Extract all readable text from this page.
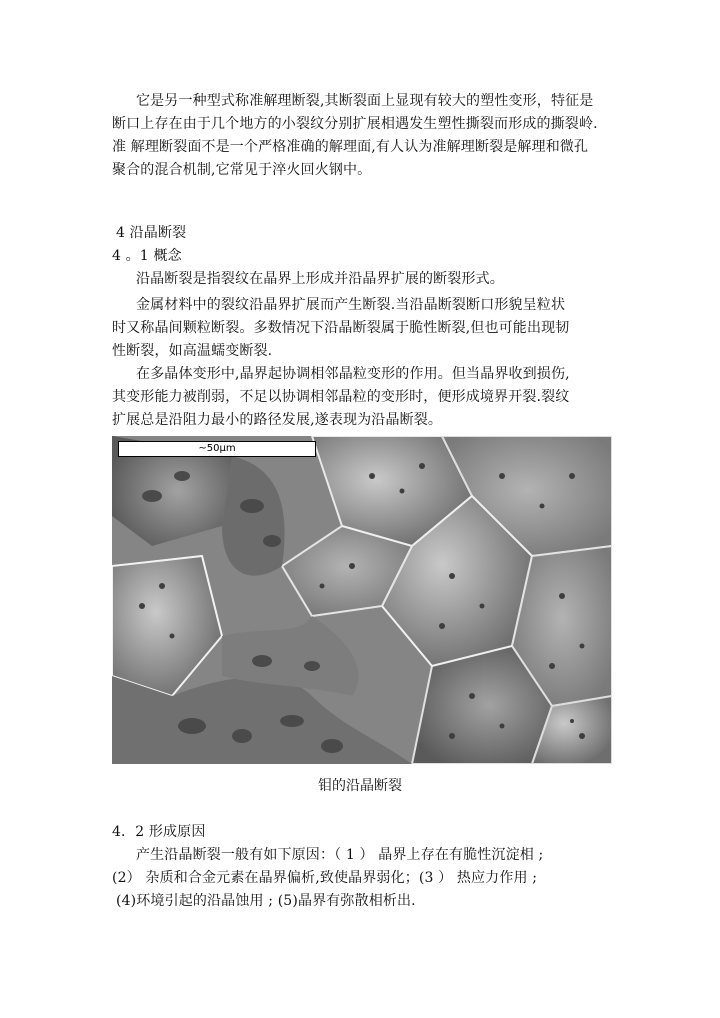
它是另一种型式称准解理断裂,其断裂面上显现有较大的塑性变形，特征是
断口上存在由于几个地方的小裂纹分别扩展相遇发生塑性撕裂而形成的撕裂岭.
准 解理断裂面不是一个严格准确的解理面,有人认为准解理断裂是解理和微孔
聚合的混合机制,它常见于淬火回火钢中。
4 沿晶断裂
4 。1 概念
沿晶断裂是指裂纹在晶界上形成并沿晶界扩展的断裂形式。
金属材料中的裂纹沿晶界扩展而产生断裂.当沿晶断裂断口形貌呈粒状
时又称晶间颗粒断裂。多数情况下沿晶断裂属于脆性断裂,但也可能出现韧
性断裂，如高温蠕变断裂.
在多晶体变形中,晶界起协调相邻晶粒变形的作用。但当晶界收到损伤,
其变形能力被削弱，不足以协调相邻晶粒的变形时，便形成境界开裂.裂纹
扩展总是沿阻力最小的路径发展,遂表现为沿晶断裂。
~50μm
钼的沿晶断裂
4．2 形成原因
产生沿晶断裂一般有如下原因：（ 1 ） 晶界上存在有脆性沉淀相 ;
(2） 杂质和合金元素在晶界偏析,致使晶界弱化；(3 ） 热应力作用 ;
(4)环境引起的沿晶蚀用 ; (5)晶界有弥散相析出.
